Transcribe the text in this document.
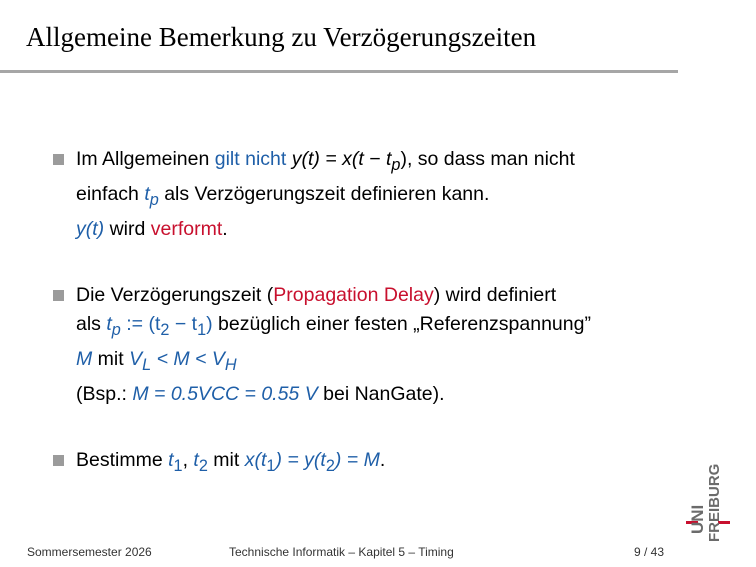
Allgemeine Bemerkung zu Verzögerungszeiten
Im Allgemeinen gilt nicht $y(t) = x(t - t_p)$, so dass man nicht
einfach $t_p$ als Verzögerungszeit definieren kann.
y(t) wird verformt.
Die Verzögerungszeit (Propagation Delay) wird definiert
als $t_p$ := $(t_2 - t_1)$ bezüglich einer festen „Referenzspannung”
M mit $V_L < M < V_H$
(Bsp.: M = 0.5VCC = 0.55 V bei NanGate).
Bestimme $t_1$, $t_2$ mit $x(t_1) = y(t_2) = M$.
Sommersemester 2026	Technische Informatik – Kapitel 5 – Timing	9 / 43
UNI FREIBURG
